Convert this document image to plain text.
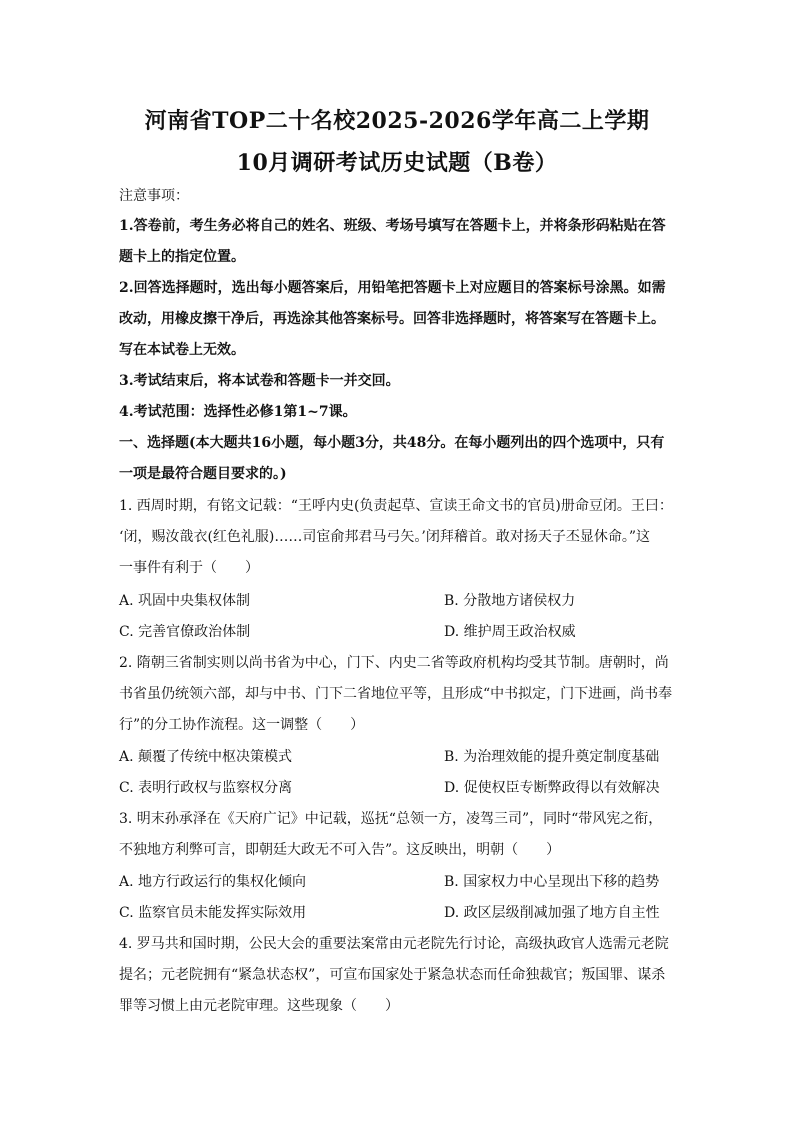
河南省TOP二十名校2025-2026学年高二上学期
10月调研考试历史试题（B卷）
注意事项：
1.答卷前，考生务必将自己的姓名、班级、考场号填写在答题卡上，并将条形码粘贴在答
题卡上的指定位置。
2.回答选择题时，选出每小题答案后，用铅笔把答题卡上对应题目的答案标号涂黑。如需
改动，用橡皮擦干净后，再选涂其他答案标号。回答非选择题时，将答案写在答题卡上。
写在本试卷上无效。
3.考试结束后，将本试卷和答题卡一并交回。
4.考试范围：选择性必修1第1~7课。
一、选择题(本大题共16小题，每小题3分，共48分。在每小题列出的四个选项中，只有
一项是最符合题目要求的。)
1. 西周时期，有铭文记载：“王呼内史(负责起草、宣读王命文书的官员)册命豆闭。王曰：
‘闭，赐汝戠衣(红色礼服)……司宦俞邦君马弓矢。’闭拜稽首。敢对扬天子丕显休命。”这
一事件有利于（　　）
A. 巩固中央集权体制	B. 分散地方诸侯权力
C. 完善官僚政治体制	D. 维护周王政治权威
2. 隋朝三省制实则以尚书省为中心，门下、内史二省等政府机构均受其节制。唐朝时，尚
书省虽仍统领六部，却与中书、门下二省地位平等，且形成“中书拟定，门下进画，尚书奉
行”的分工协作流程。这一调整（　　）
A. 颠覆了传统中枢决策模式	B. 为治理效能的提升奠定制度基础
C. 表明行政权与监察权分离	D. 促使权臣专断弊政得以有效解决
3. 明末孙承泽在《天府广记》中记载，巡抚“总领一方，凌驾三司”，同时“带风宪之衔，
不独地方利弊可言，即朝廷大政无不可入告”。这反映出，明朝（　　）
A. 地方行政运行的集权化倾向	B. 国家权力中心呈现出下移的趋势
C. 监察官员未能发挥实际效用	D. 政区层级削减加强了地方自主性
4. 罗马共和国时期，公民大会的重要法案常由元老院先行讨论，高级执政官人选需元老院
提名；元老院拥有“紧急状态权”，可宣布国家处于紧急状态而任命独裁官；叛国罪、谋杀
罪等习惯上由元老院审理。这些现象（　　）
